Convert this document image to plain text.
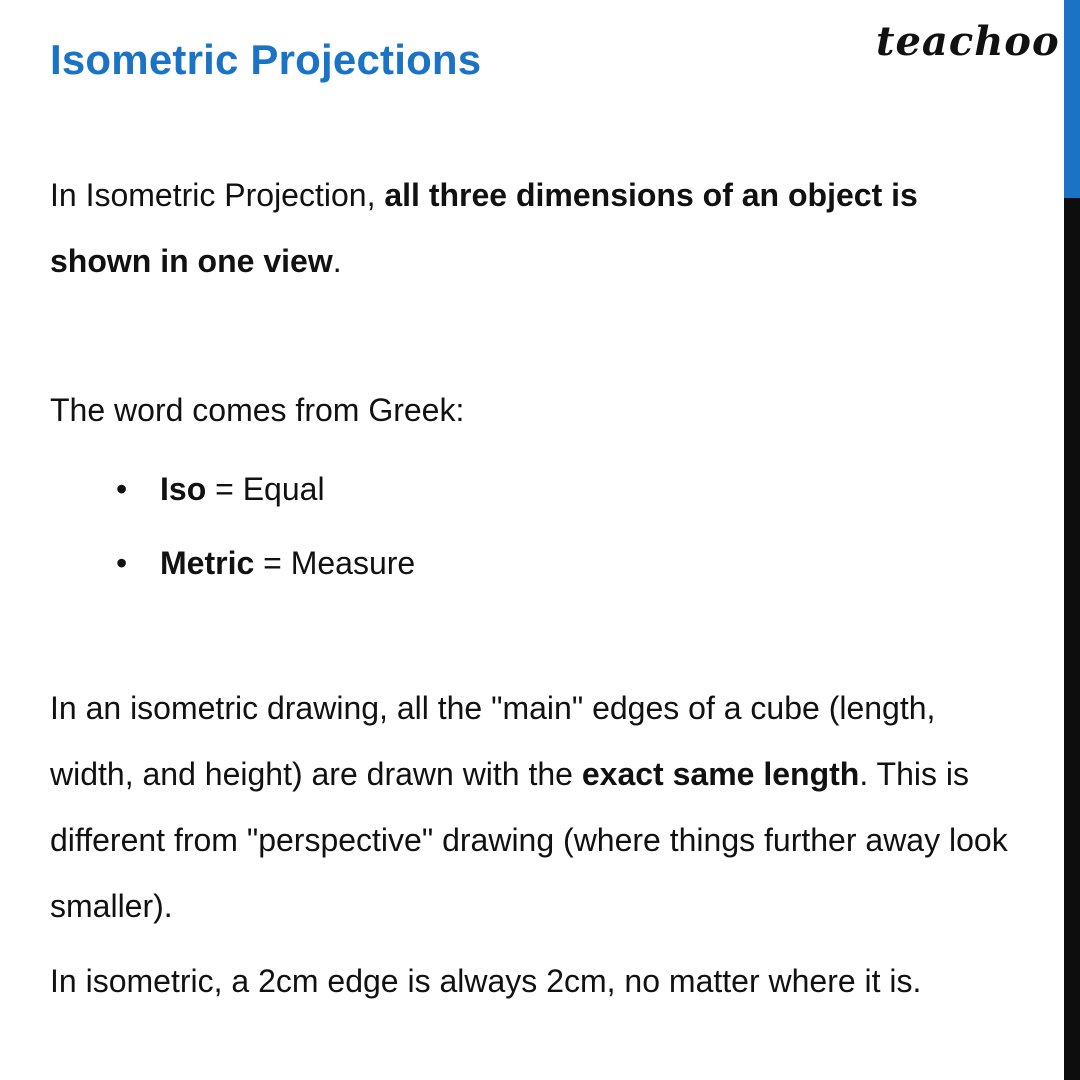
Isometric Projections	teachoo
In Isometric Projection, all three dimensions of an object is shown in one view.
The word comes from Greek:
• Iso = Equal
• Metric = Measure
In an isometric drawing, all the "main" edges of a cube (length, width, and height) are drawn with the exact same length. This is different from "perspective" drawing (where things further away look smaller).
In isometric, a 2cm edge is always 2cm, no matter where it is.
